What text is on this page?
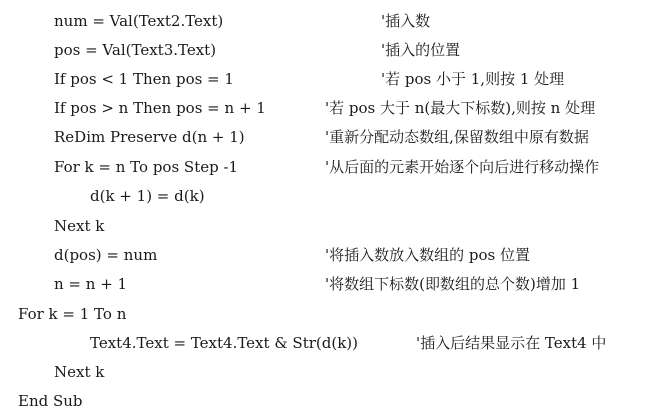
num = Val(Text2.Text)	'插入数
pos = Val(Text3.Text)	'插入的位置
If pos < 1 Then pos = 1	'若 pos 小于 1,则按 1 处理
If pos > n Then pos = n + 1	'若 pos 大于 n(最大下标数),则按 n 处理
ReDim Preserve d(n + 1)	'重新分配动态数组,保留数组中原有数据
For k = n To pos Step -1	'从后面的元素开始逐个向后进行移动操作
d(k + 1) = d(k)
Next k
d(pos) = num	'将插入数放入数组的 pos 位置
n = n + 1	'将数组下标数(即数组的总个数)增加 1
For k = 1 To n
Text4.Text = Text4.Text & Str(d(k))	'插入后结果显示在 Text4 中
Next k
End Sub
